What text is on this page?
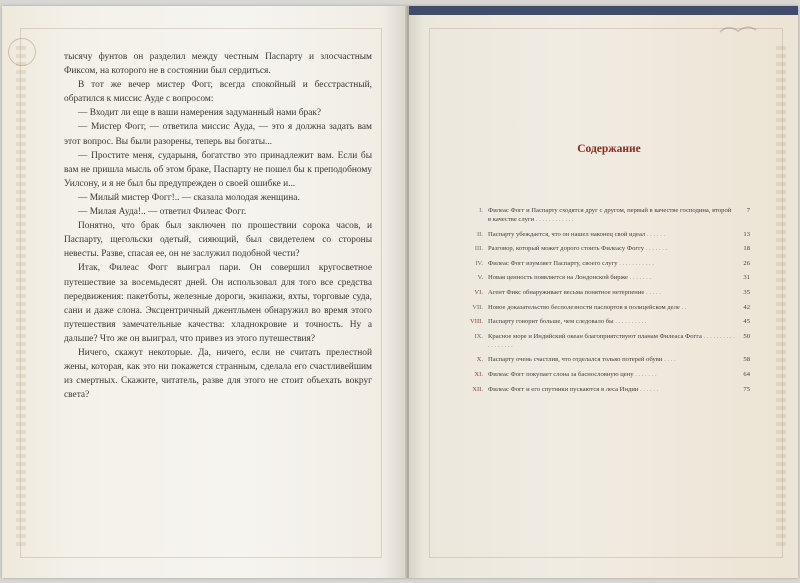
тысячу фунтов он разделил между честным Паспарту и злосчастным Фиксом, на которого не в состоянии был сердиться.

В тот же вечер мистер Фогг, всегда спокойный и бесстрастный, обратился к миссис Ауде с вопросом:

— Входит ли еще в ваши намерения задуманный нами брак?

— Мистер Фогг, — ответила миссис Ауда, — это я должна задать вам этот вопрос. Вы были разорены, теперь вы богаты...

— Простите меня, сударыня, богатство это принадлежит вам. Если бы вам не пришла мысль об этом браке, Паспарту не пошел бы к преподобному Уилсону, и я не был бы предупрежден о своей ошибке и...

— Милый мистер Фогг!.. — сказала молодая женщина.

— Милая Ауда!.. — ответил Филеас Фогг.

Понятно, что брак был заключен по прошествии сорока часов, и Паспарту, щегольски одетый, сияющий, был свидетелем со стороны невесты. Разве, спасая ее, он не заслужил подобной чести?

Итак, Филеас Фогг выиграл пари. Он совершил кругосветное путешествие за восемьдесят дней. Он использовал для того все средства передвижения: пакетботы, железные дороги, экипажи, яхты, торговые суда, сани и даже слона. Эксцентричный джентльмен обнаружил во время этого путешествия замечательные качества: хладнокровие и точность. Ну а дальше? Что же он выиграл, что привез из этого путешествия?

Ничего, скажут некоторые. Да, ничего, если не считать прелестной жены, которая, как это ни покажется странным, сделала его счастливейшим из смертных. Скажите, читатель, разве для этого не стоит объехать вокруг света?

Содержание
I. Филеас Фогг и Паспарту сходятся друг с другом, первый в качестве господина, второй в качестве слуги . . . . . . . . . . . .
7
II. Паспарту убеждается, что он нашел наконец свой идеал . . . . . .	13
III. Разговор, который может дорого стоить Филеасу Фоггу . . . . . . .	18
IV. Филеас Фогг изумляет Паспарту, своего слугу . . . . . . . . . . .	26
V. Новая ценность появляется на Лондонской бирже . . . . . . .	31
VI. Агент Фикс обнаруживает весьма понятное нетерпение . . . . .	35
VII. Новое доказательство бесполезности паспортов в полицейском деле . .	42
VIII. Паспарту говорит больше, чем следовало бы . . . . . . . . . .	45
IX. Красное море и Индийский океан благоприятствуют планам Филеаса Фогга . . . . . . . . . . . . . . . . . .
50
X. Паспарту очень счастлив, что отделался только потерей обуви . . . .	58
XI. Филеас Фогг покупает слона за баснословную цену . . . . . . .	64
XII. Филеас Фогг и его спутники пускаются в леса Индии . . . . . .	75
